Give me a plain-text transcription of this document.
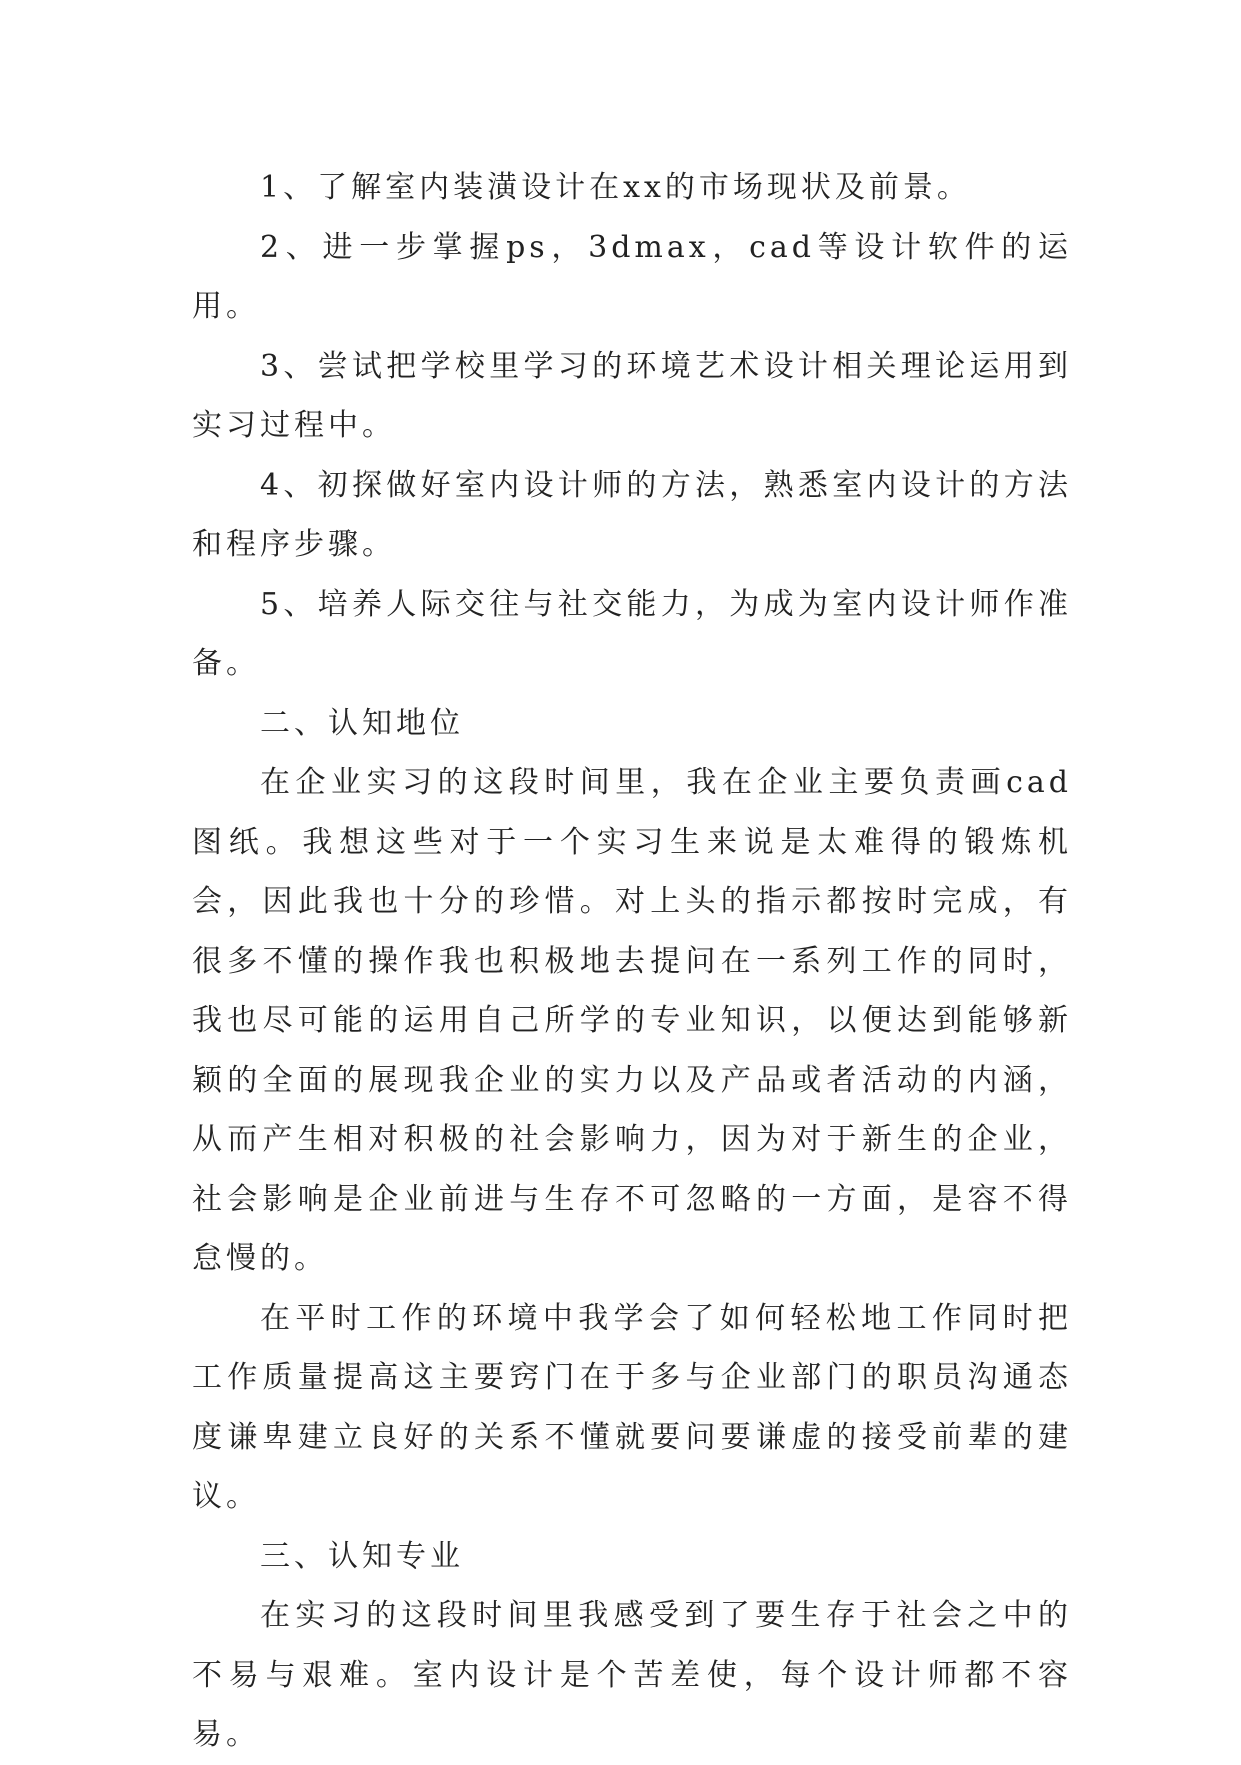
1、了解室内装潢设计在xx的市场现状及前景。

2、进一步掌握ps，3dmax，cad等设计软件的运用。

3、尝试把学校里学习的环境艺术设计相关理论运用到实习过程中。

4、初探做好室内设计师的方法，熟悉室内设计的方法和程序步骤。

5、培养人际交往与社交能力，为成为室内设计师作准备。

二、认知地位

在企业实习的这段时间里，我在企业主要负责画cad图纸。我想这些对于一个实习生来说是太难得的锻炼机会，因此我也十分的珍惜。对上头的指示都按时完成，有很多不懂的操作我也积极地去提问在一系列工作的同时，我也尽可能的运用自己所学的专业知识，以便达到能够新颖的全面的展现我企业的实力以及产品或者活动的内涵，从而产生相对积极的社会影响力，因为对于新生的企业，社会影响是企业前进与生存不可忽略的一方面，是容不得怠慢的。

在平时工作的环境中我学会了如何轻松地工作同时把工作质量提高这主要窍门在于多与企业部门的职员沟通态度谦卑建立良好的关系不懂就要问要谦虚的接受前辈的建议。

三、认知专业

在实习的这段时间里我感受到了要生存于社会之中的不易与艰难。室内设计是个苦差使，每个设计师都不容易。
